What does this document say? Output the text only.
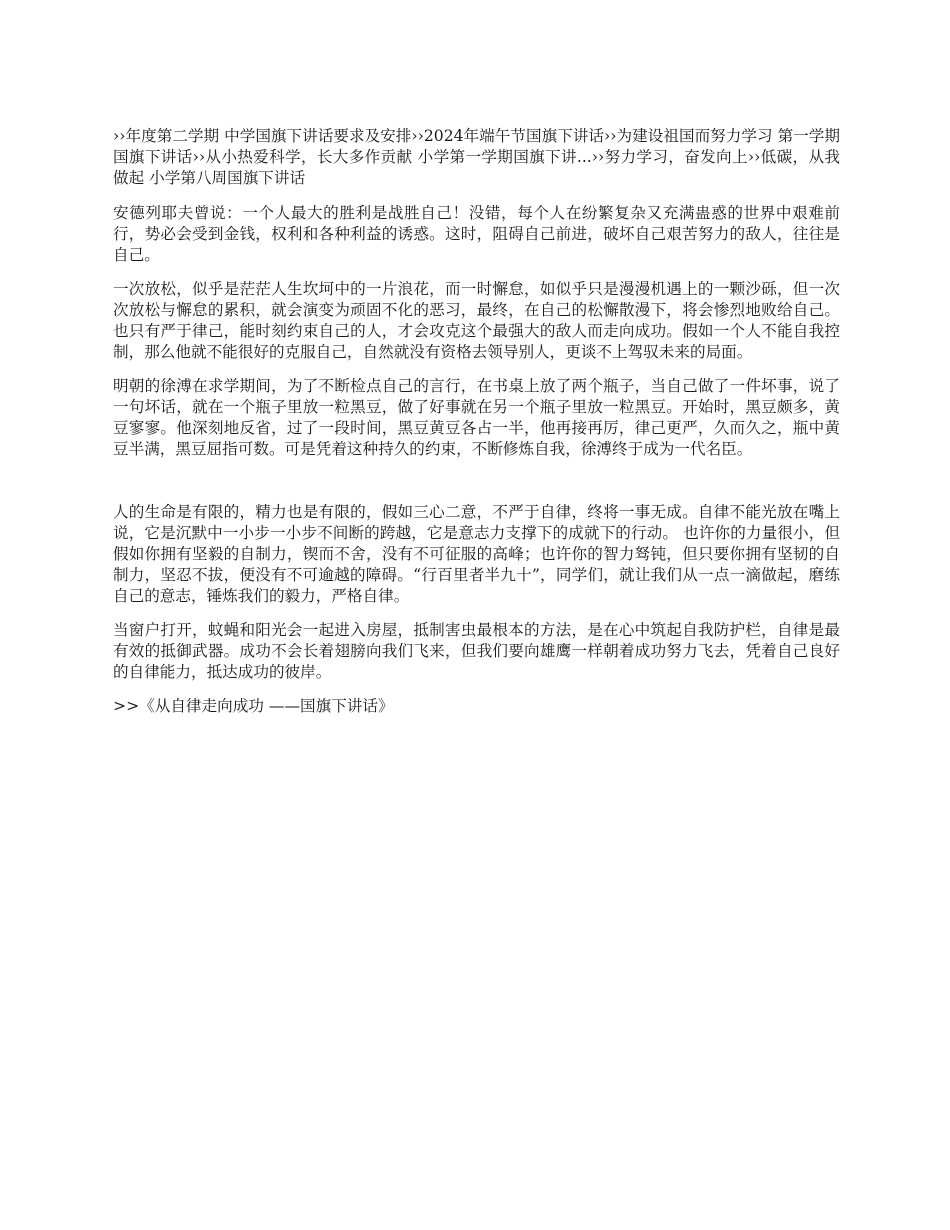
››年度第二学期 中学国旗下讲话要求及安排››2024年端午节国旗下讲话››为建设祖国而努力学习 第一学期国旗下讲话››从小热爱科学，长大多作贡献 小学第一学期国旗下讲...››努力学习，奋发向上››低碳，从我做起 小学第八周国旗下讲话

安德列耶夫曾说：一个人最大的胜利是战胜自己！没错，每个人在纷繁复杂又充满蛊惑的世界中艰难前行，势必会受到金钱，权利和各种利益的诱惑。这时，阻碍自己前进，破坏自己艰苦努力的敌人，往往是自己。

一次放松，似乎是茫茫人生坎坷中的一片浪花，而一时懈怠，如似乎只是漫漫机遇上的一颗沙砾，但一次次放松与懈怠的累积，就会演变为顽固不化的恶习，最终，在自己的松懈散漫下，将会惨烈地败给自己。 也只有严于律己，能时刻约束自己的人，才会攻克这个最强大的敌人而走向成功。假如一个人不能自我控制，那么他就不能很好的克服自己，自然就没有资格去领导别人，更谈不上驾驭未来的局面。

明朝的徐溥在求学期间，为了不断检点自己的言行，在书桌上放了两个瓶子，当自己做了一件坏事，说了一句坏话，就在一个瓶子里放一粒黑豆，做了好事就在另一个瓶子里放一粒黑豆。开始时，黑豆颇多，黄豆寥寥。他深刻地反省，过了一段时间，黑豆黄豆各占一半，他再接再厉，律己更严，久而久之，瓶中黄豆半满，黑豆屈指可数。可是凭着这种持久的约束，不断修炼自我，徐溥终于成为一代名臣。

人的生命是有限的，精力也是有限的，假如三心二意，不严于自律，终将一事无成。自律不能光放在嘴上说，它是沉默中一小步一小步不间断的跨越，它是意志力支撑下的成就下的行动。 也许你的力量很小，但假如你拥有坚毅的自制力，锲而不舍，没有不可征服的高峰；也许你的智力驽钝，但只要你拥有坚韧的自制力，坚忍不拔，便没有不可逾越的障碍。“行百里者半九十”，同学们，就让我们从一点一滴做起，磨练自己的意志，锤炼我们的毅力，严格自律。

当窗户打开，蚊蝇和阳光会一起进入房屋，抵制害虫最根本的方法，是在心中筑起自我防护栏，自律是最有效的抵御武器。成功不会长着翅膀向我们飞来，但我们要向雄鹰一样朝着成功努力飞去，凭着自己良好的自律能力，抵达成功的彼岸。

>>《从自律走向成功 ——国旗下讲话》
